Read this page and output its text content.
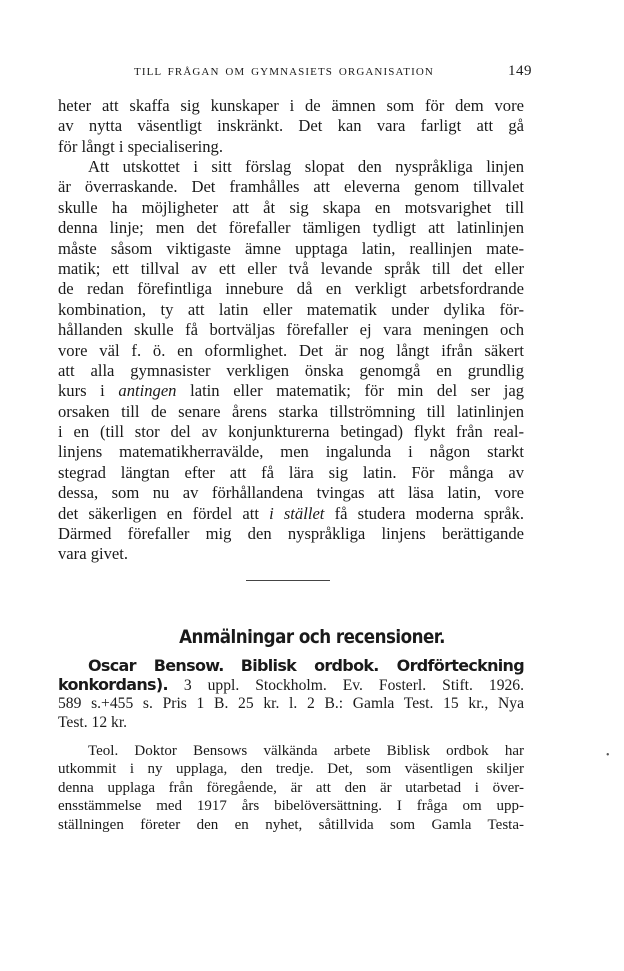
TILL FRÅGAN OM GYMNASIETS ORGANISATION	149

heter att skaffa sig kunskaper i de ämnen som för dem vore
av nytta väsentligt inskränkt. Det kan vara farligt att gå
för långt i specialisering.

Att utskottet i sitt förslag slopat den nyspråkliga linjen
är överraskande. Det framhålles att eleverna genom tillvalet
skulle ha möjligheter att åt sig skapa en motsvarighet till
denna linje; men det förefaller tämligen tydligt att latinlinjen
måste såsom viktigaste ämne upptaga latin, reallinjen mate-
matik; ett tillval av ett eller två levande språk till det eller
de redan förefintliga innebure då en verkligt arbetsfordrande
kombination, ty att latin eller matematik under dylika för-
hållanden skulle få bortväljas förefaller ej vara meningen och
vore väl f. ö. en oformlighet. Det är nog långt ifrån säkert
att alla gymnasister verkligen önska genomgå en grundlig
kurs i antingen latin eller matematik; för min del ser jag
orsaken till de senare årens starka tillströmning till latinlinjen
i en (till stor del av konjunkturerna betingad) flykt från real-
linjens matematikherravälde, men ingalunda i någon starkt
stegrad längtan efter att få lära sig latin. För många av
dessa, som nu av förhållandena tvingas att läsa latin, vore
det säkerligen en fördel att i stället få studera moderna språk.
Därmed förefaller mig den nyspråkliga linjens berättigande
vara givet.

Anmälningar och recensioner.
Oscar Bensow. Biblisk ordbok. Ordförteckning
konkordans). 3 uppl. Stockholm. Ev. Fosterl. Stift. 1926.
589 s.+455 s. Pris 1 B. 25 kr. l. 2 B.: Gamla Test. 15 kr., Nya
Test. 12 kr.
Teol. Doktor Bensows välkända arbete Biblisk ordbok har
utkommit i ny upplaga, den tredje. Det, som väsentligen skiljer
denna upplaga från föregående, är att den är utarbetad i över-
ensstämmelse med 1917 års bibelöversättning. I fråga om upp-
ställningen företer den en nyhet, såtillvida som Gamla Testa-
•
